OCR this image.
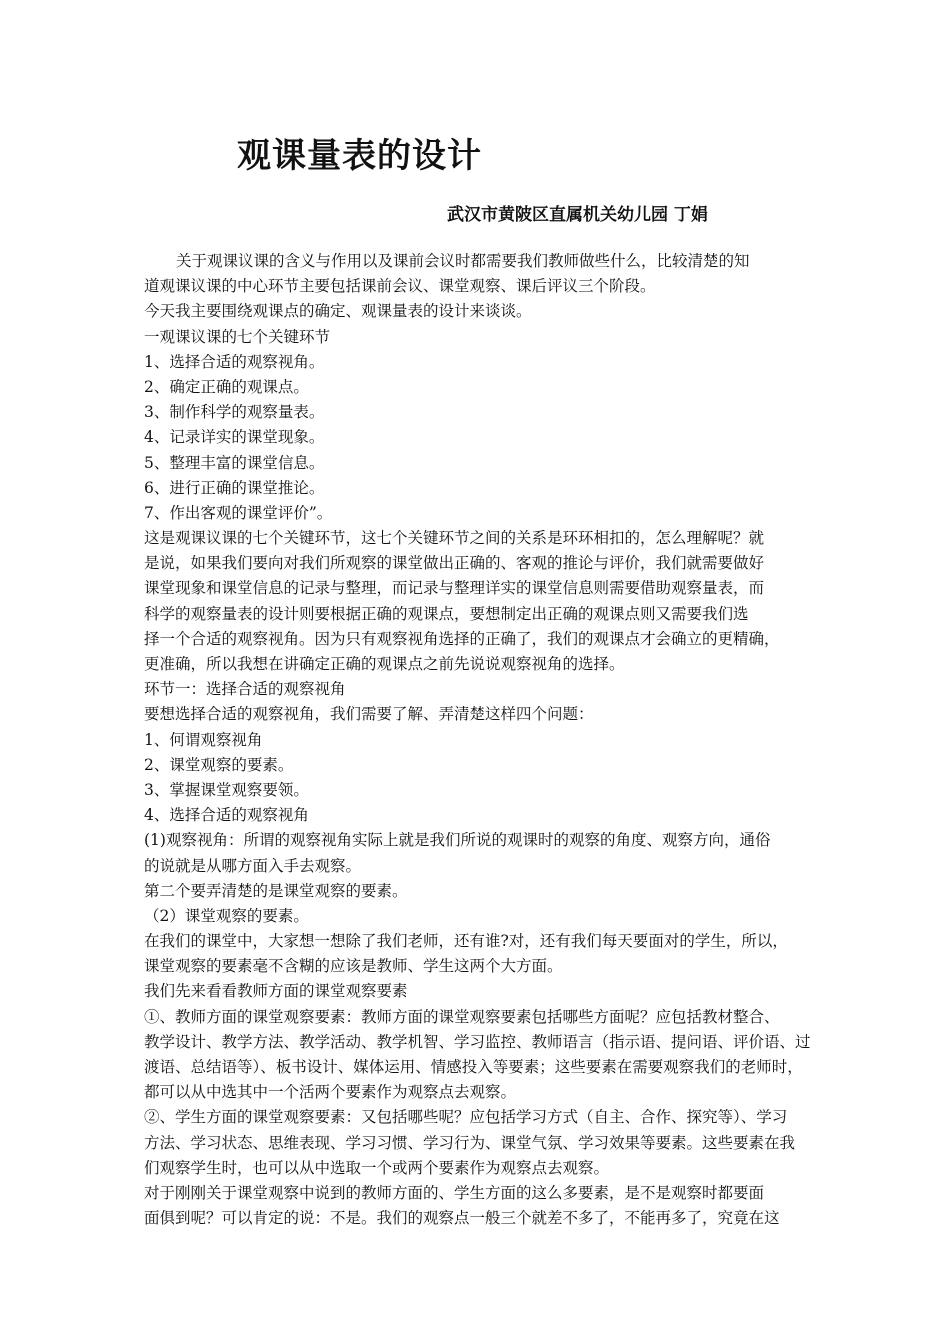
观课量表的设计
武汉市黄陂区直属机关幼儿园 丁娟
关于观课议课的含义与作用以及课前会议时都需要我们教师做些什么，比较清楚的知
道观课议课的中心环节主要包括课前会议、课堂观察、课后评议三个阶段。
今天我主要围绕观课点的确定、观课量表的设计来谈谈。
一观课议课的七个关键环节
1、选择合适的观察视角。
2、确定正确的观课点。
3、制作科学的观察量表。
4、记录详实的课堂现象。
5、整理丰富的课堂信息。
6、进行正确的课堂推论。
7、作出客观的课堂评价”。
这是观课议课的七个关键环节，这七个关键环节之间的关系是环环相扣的，怎么理解呢？就
是说，如果我们要向对我们所观察的课堂做出正确的、客观的推论与评价，我们就需要做好
课堂现象和课堂信息的记录与整理，而记录与整理详实的课堂信息则需要借助观察量表，而
科学的观察量表的设计则要根据正确的观课点，要想制定出正确的观课点则又需要我们选
择一个合适的观察视角。因为只有观察视角选择的正确了，我们的观课点才会确立的更精确，
更准确，所以我想在讲确定正确的观课点之前先说说观察视角的选择。
环节一：选择合适的观察视角
要想选择合适的观察视角，我们需要了解、弄清楚这样四个问题：
1、何谓观察视角
2、课堂观察的要素。
3、掌握课堂观察要领。
4、选择合适的观察视角
(1)观察视角：所谓的观察视角实际上就是我们所说的观课时的观察的角度、观察方向，通俗
的说就是从哪方面入手去观察。
第二个要弄清楚的是课堂观察的要素。
（2）课堂观察的要素。
在我们的课堂中，大家想一想除了我们老师，还有谁?对，还有我们每天要面对的学生，所以，
课堂观察的要素毫不含糊的应该是教师、学生这两个大方面。
我们先来看看教师方面的课堂观察要素
①、教师方面的课堂观察要素：教师方面的课堂观察要素包括哪些方面呢？应包括教材整合、
教学设计、教学方法、教学活动、教学机智、学习监控、教师语言（指示语、提问语、评价语、过
渡语、总结语等）、板书设计、媒体运用、情感投入等要素；这些要素在需要观察我们的老师时，
都可以从中选其中一个活两个要素作为观察点去观察。
②、学生方面的课堂观察要素：又包括哪些呢？应包括学习方式（自主、合作、探究等）、学习
方法、学习状态、思维表现、学习习惯、学习行为、课堂气氛、学习效果等要素。这些要素在我
们观察学生时，也可以从中选取一个或两个要素作为观察点去观察。
对于刚刚关于课堂观察中说到的教师方面的、学生方面的这么多要素，是不是观察时都要面
面俱到呢？可以肯定的说：不是。我们的观察点一般三个就差不多了，不能再多了，究竟在这
